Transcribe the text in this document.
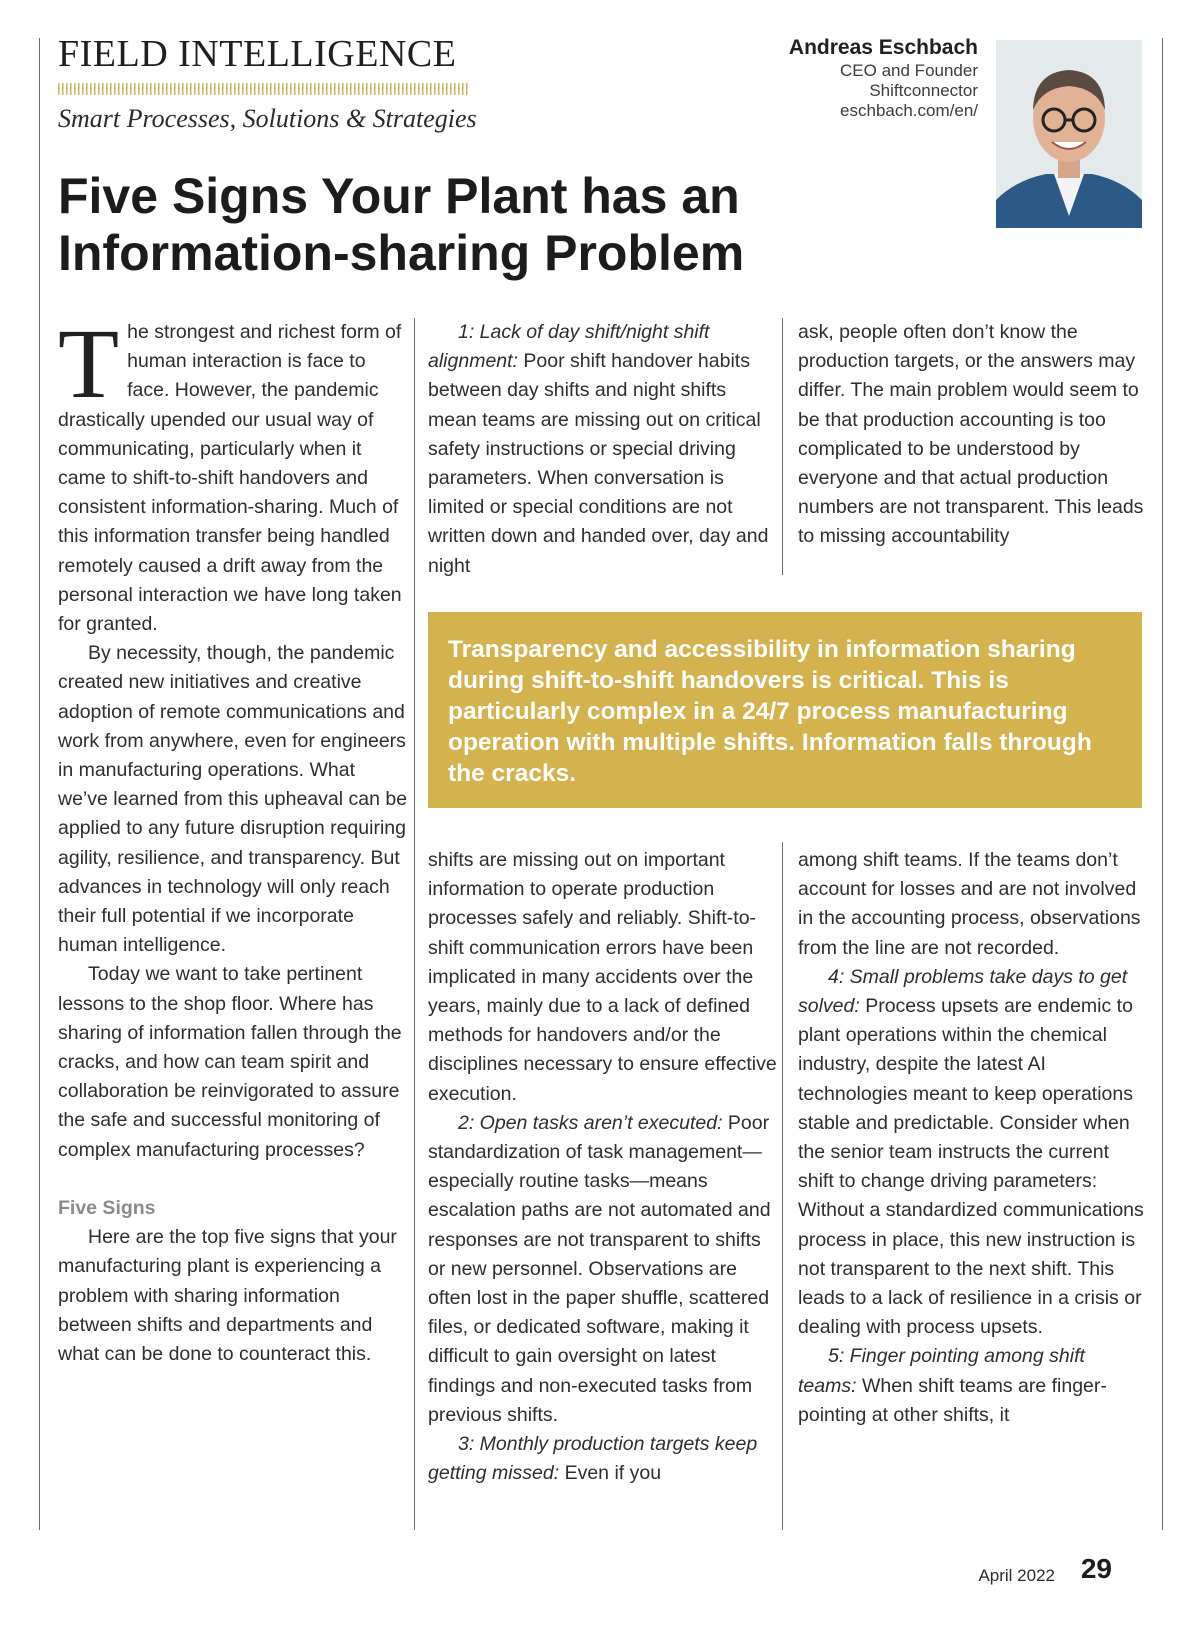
FIELD INTELLIGENCE
Smart Processes, Solutions & Strategies
Andreas Eschbach
CEO and Founder
Shiftconnector
eschbach.com/en/
Five Signs Your Plant has an Information-sharing Problem

The strongest and richest form of human interaction is face to face. However, the pandemic drastically upended our usual way of communicating, particularly when it came to shift-to-shift handovers and consistent information-sharing. Much of this information transfer being handled remotely caused a drift away from the personal interaction we have long taken for granted.

By necessity, though, the pandemic created new initiatives and creative adoption of remote communications and work from anywhere, even for engineers in manufacturing operations. What we’ve learned from this upheaval can be applied to any future disruption requiring agility, resilience, and transparency. But advances in technology will only reach their full potential if we incorporate human intelligence.

Today we want to take pertinent lessons to the shop floor. Where has sharing of information fallen through the cracks, and how can team spirit and collaboration be reinvigorated to assure the safe and successful monitoring of complex manufacturing processes?

Five Signs

Here are the top five signs that your manufacturing plant is experiencing a problem with sharing information between shifts and departments and what can be done to counteract this.

1: Lack of day shift/night shift alignment: Poor shift handover habits between day shifts and night shifts mean teams are missing out on critical safety instructions or special driving parameters. When conversation is limited or special conditions are not written down and handed over, day and night

ask, people often don’t know the production targets, or the answers may differ. The main problem would seem to be that production accounting is too complicated to be understood by everyone and that actual production numbers are not transparent. This leads to missing accountability

Transparency and accessibility in information sharing during shift-to-shift handovers is critical. This is particularly complex in a 24/7 process manufacturing operation with multiple shifts. Information falls through the cracks.

shifts are missing out on important information to operate production processes safely and reliably. Shift-to-shift communication errors have been implicated in many accidents over the years, mainly due to a lack of defined methods for handovers and/or the disciplines necessary to ensure effective execution.

2: Open tasks aren’t executed: Poor standardization of task management—especially routine tasks—means escalation paths are not automated and responses are not transparent to shifts or new personnel. Observations are often lost in the paper shuffle, scattered files, or dedicated software, making it difficult to gain oversight on latest findings and non-executed tasks from previous shifts.

3: Monthly production targets keep getting missed: Even if you

among shift teams. If the teams don’t account for losses and are not involved in the accounting process, observations from the line are not recorded.

4: Small problems take days to get solved: Process upsets are endemic to plant operations within the chemical industry, despite the latest AI technologies meant to keep operations stable and predictable. Consider when the senior team instructs the current shift to change driving parameters: Without a standardized communications process in place, this new instruction is not transparent to the next shift. This leads to a lack of resilience in a crisis or dealing with process upsets.

5: Finger pointing among shift teams: When shift teams are finger-pointing at other shifts, it

April 2022 29
